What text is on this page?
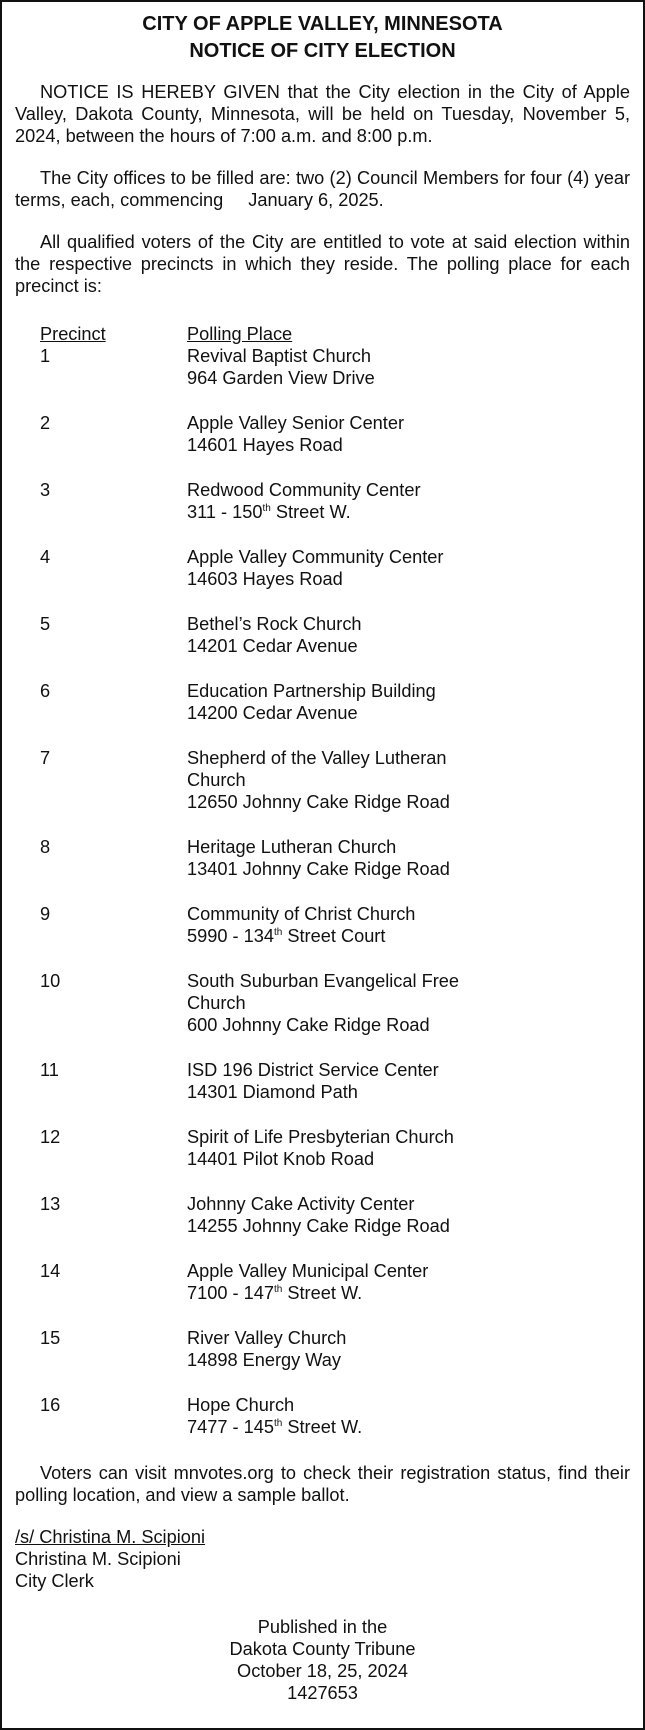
CITY OF APPLE VALLEY, MINNESOTA
NOTICE OF CITY ELECTION

NOTICE IS HEREBY GIVEN that the City election in the City of Apple Valley, Dakota County, Minnesota, will be held on Tuesday, November 5, 2024, between the hours of 7:00 a.m. and 8:00 p.m.

The City offices to be filled are: two (2) Council Members for four (4) year terms, each, commencing January 6, 2025.

All qualified voters of the City are entitled to vote at said election within the respective precincts in which they reside. The polling place for each precinct is:

Precinct	Polling Place
1	Revival Baptist Church
964 Garden View Drive
2	Apple Valley Senior Center
14601 Hayes Road
3	Redwood Community Center
311 - 150th Street W.
4	Apple Valley Community Center
14603 Hayes Road
5	Bethel’s Rock Church
14201 Cedar Avenue
6	Education Partnership Building
14200 Cedar Avenue
7	Shepherd of the Valley Lutheran Church
12650 Johnny Cake Ridge Road
8	Heritage Lutheran Church
13401 Johnny Cake Ridge Road
9	Community of Christ Church
5990 - 134th Street Court
10	South Suburban Evangelical Free Church
600 Johnny Cake Ridge Road
11	ISD 196 District Service Center
14301 Diamond Path
12	Spirit of Life Presbyterian Church
14401 Pilot Knob Road
13	Johnny Cake Activity Center
14255 Johnny Cake Ridge Road
14	Apple Valley Municipal Center
7100 - 147th Street W.
15	River Valley Church
14898 Energy Way
16	Hope Church
7477 - 145th Street W.

Voters can visit mnvotes.org to check their registration status, find their polling location, and view a sample ballot.

/s/ Christina M. Scipioni
Christina M. Scipioni
City Clerk
Published in the
Dakota County Tribune
October 18, 25, 2024
1427653
